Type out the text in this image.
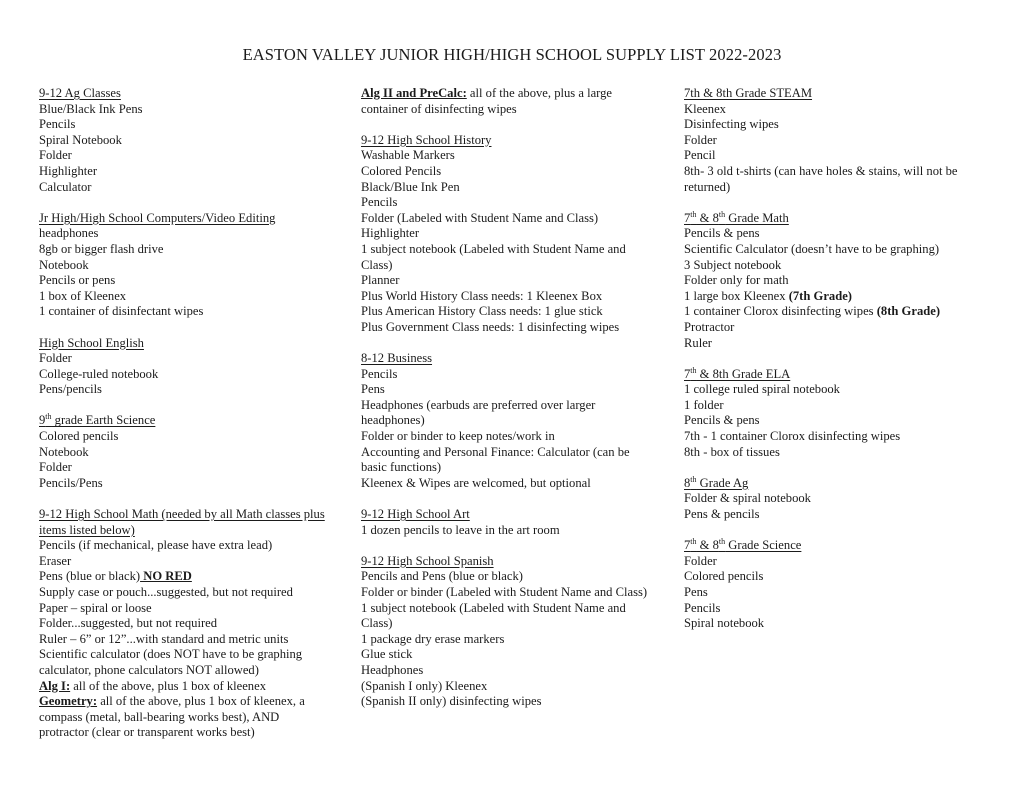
EASTON VALLEY JUNIOR HIGH/HIGH SCHOOL SUPPLY LIST 2022-2023
9-12 Ag Classes
Blue/Black Ink Pens
Pencils
Spiral Notebook
Folder
Highlighter
Calculator
Jr High/High School Computers/Video Editing
headphones
8gb or bigger flash drive
Notebook
Pencils or pens
1 box of Kleenex
1 container of disinfectant wipes
High School English
Folder
College-ruled notebook
Pens/pencils
9th grade Earth Science
Colored pencils
Notebook
Folder
Pencils/Pens
9-12 High School Math (needed by all Math classes plus items listed below)
Pencils (if mechanical, please have extra lead)
Eraser
Pens (blue or black) NO RED
Supply case or pouch...suggested, but not required
Paper – spiral or loose
Folder...suggested, but not required
Ruler – 6” or 12”...with standard and metric units
Scientific calculator (does NOT have to be graphing calculator, phone calculators NOT allowed)
Alg I: all of the above, plus 1 box of kleenex
Geometry: all of the above, plus 1 box of kleenex, a compass (metal, ball-bearing works best), AND protractor (clear or transparent works best)
Alg II and PreCalc: all of the above, plus a large container of disinfecting wipes
9-12 High School History
Washable Markers
Colored Pencils
Black/Blue Ink Pen
Pencils
Folder (Labeled with Student Name and Class)
Highlighter
1 subject notebook (Labeled with Student Name and Class)
Planner
Plus World History Class needs: 1 Kleenex Box
Plus American History Class needs: 1 glue stick
Plus Government Class needs: 1 disinfecting wipes
8-12 Business
Pencils
Pens
Headphones (earbuds are preferred over larger headphones)
Folder or binder to keep notes/work in
Accounting and Personal Finance: Calculator (can be basic functions)
Kleenex & Wipes are welcomed, but optional
9-12 High School Art
1 dozen pencils to leave in the art room
9-12 High School Spanish
Pencils and Pens (blue or black)
Folder or binder (Labeled with Student Name and Class)
1 subject notebook (Labeled with Student Name and Class)
1 package dry erase markers
Glue stick
Headphones
(Spanish I only) Kleenex
(Spanish II only) disinfecting wipes
7th & 8th Grade STEAM
Kleenex
Disinfecting wipes
Folder
Pencil
8th- 3 old t-shirts (can have holes & stains, will not be returned)
7th & 8th Grade Math
Pencils & pens
Scientific Calculator (doesn’t have to be graphing)
3 Subject notebook
Folder only for math
1 large box Kleenex (7th Grade)
1 container Clorox disinfecting wipes (8th Grade)
Protractor
Ruler
7th & 8th Grade ELA
1 college ruled spiral notebook
1 folder
Pencils & pens
7th - 1 container Clorox disinfecting wipes
8th - box of tissues
8th Grade Ag
Folder & spiral notebook
Pens & pencils
7th & 8th Grade Science
Folder
Colored pencils
Pens
Pencils
Spiral notebook
